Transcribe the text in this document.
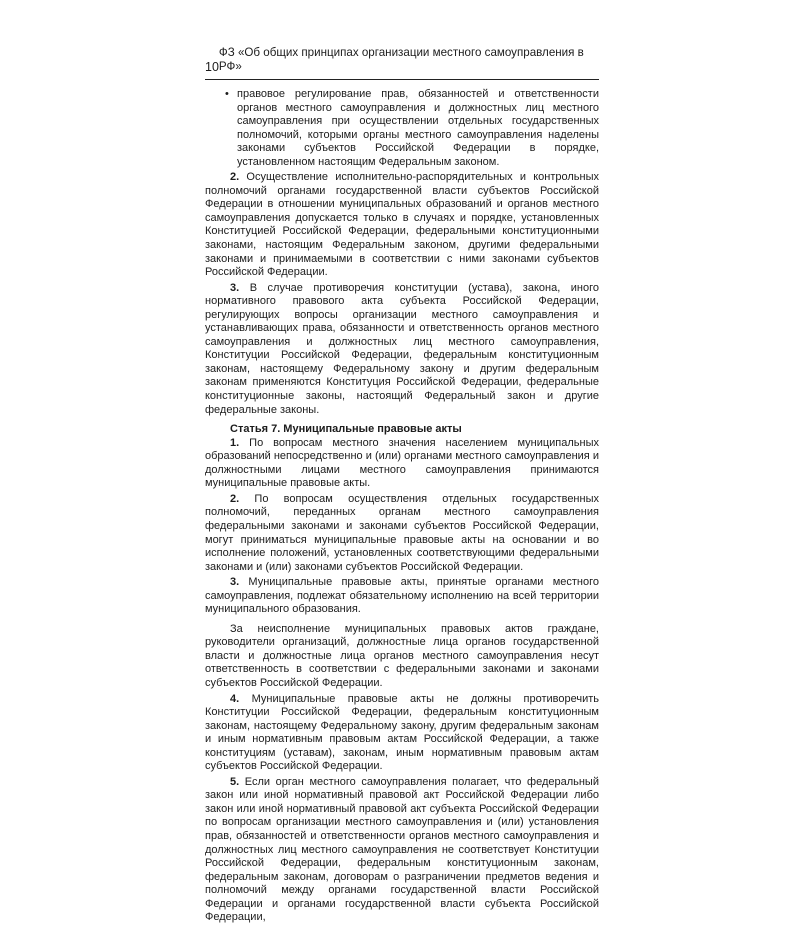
10
ФЗ «Об общих принципах организации местного самоуправления в РФ»
• правовое регулирование прав, обязанностей и ответственности органов местного самоуправления и должностных лиц местного самоуправления при осуществлении отдельных государственных полномочий, которыми органы местного самоуправления наделены законами субъектов Российской Федерации в порядке, установленном настоящим Федеральным законом.

2. Осуществление исполнительно-распорядительных и контрольных полномочий органами государственной власти субъектов Российской Федерации в отношении муниципальных образований и органов местного самоуправления допускается только в случаях и порядке, установленных Конституцией Российской Федерации, федеральными конституционными законами, настоящим Федеральным законом, другими федеральными законами и принимаемыми в соответствии с ними законами субъектов Российской Федерации.

3. В случае противоречия конституции (устава), закона, иного нормативного правового акта субъекта Российской Федерации, регулирующих вопросы организации местного самоуправления и устанавливающих права, обязанности и ответственность органов местного самоуправления и должностных лиц местного самоуправления, Конституции Российской Федерации, федеральным конституционным законам, настоящему Федеральному закону и другим федеральным законам применяются Конституция Российской Федерации, федеральные конституционные законы, настоящий Федеральный закон и другие федеральные законы.

Статья 7. Муниципальные правовые акты

1. По вопросам местного значения населением муниципальных образований непосредственно и (или) органами местного самоуправления и должностными лицами местного самоуправления принимаются муниципальные правовые акты.

2. По вопросам осуществления отдельных государственных полномочий, переданных органам местного самоуправления федеральными законами и законами субъектов Российской Федерации, могут приниматься муниципальные правовые акты на основании и во исполнение положений, установленных соответствующими федеральными законами и (или) законами субъектов Российской Федерации.

3. Муниципальные правовые акты, принятые органами местного самоуправления, подлежат обязательному исполнению на всей территории муниципального образования.

За неисполнение муниципальных правовых актов граждане, руководители организаций, должностные лица органов государственной власти и должностные лица органов местного самоуправления несут ответственность в соответствии с федеральными законами и законами субъектов Российской Федерации.

4. Муниципальные правовые акты не должны противоречить Конституции Российской Федерации, федеральным конституционным законам, настоящему Федеральному закону, другим федеральным законам и иным нормативным правовым актам Российской Федерации, а также конституциям (уставам), законам, иным нормативным правовым актам субъектов Российской Федерации.

5. Если орган местного самоуправления полагает, что федеральный закон или иной нормативный правовой акт Российской Федерации либо закон или иной нормативный правовой акт субъекта Российской Федерации по вопросам организации местного самоуправления и (или) установления прав, обязанностей и ответственности органов местного самоуправления и должностных лиц местного самоуправления не соответствует Конституции Российской Федерации, федеральным конституционным законам, федеральным законам, договорам о разграничении предметов ведения и полномочий между органами государственной власти Российской Федерации и органами государственной власти субъекта Российской Федерации,
